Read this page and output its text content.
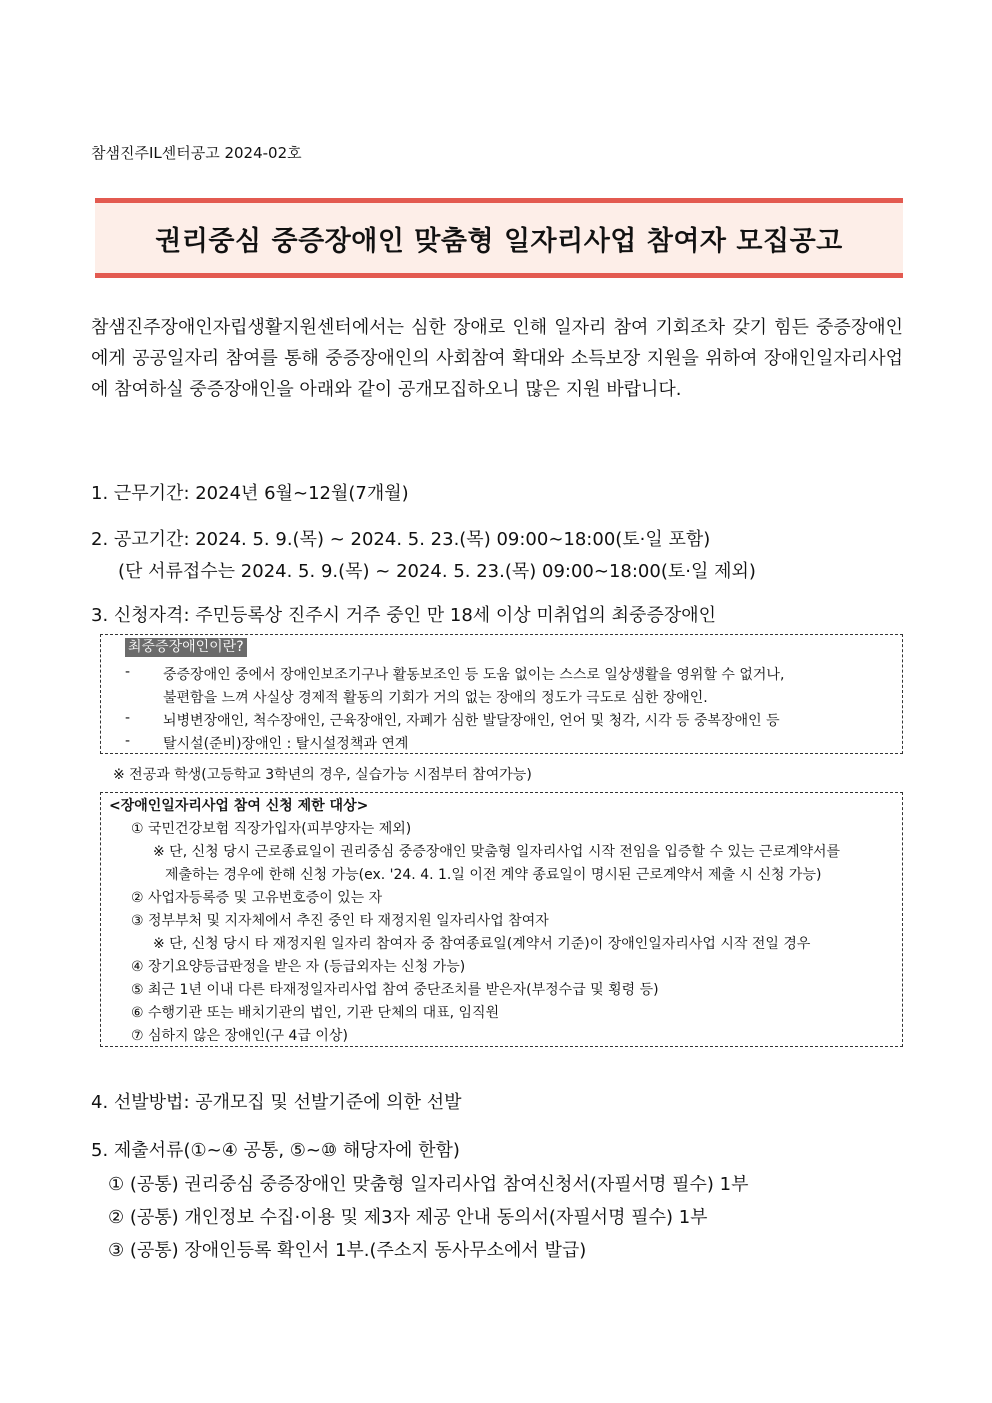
참샘진주IL센터공고 2024-02호
권리중심 중증장애인 맞춤형 일자리사업 참여자 모집공고
참샘진주장애인자립생활지원센터에서는 심한 장애로 인해 일자리 참여 기회조차 갖기 힘든 중증장애인에게 공공일자리 참여를 통해 중증장애인의 사회참여 확대와 소득보장 지원을 위하여 장애인일자리사업에 참여하실 중증장애인을 아래와 같이 공개모집하오니 많은 지원 바랍니다.
1. 근무기간: 2024년 6월∼12월(7개월)
2. 공고기간: 2024. 5. 9.(목) ~ 2024. 5. 23.(목) 09:00∼18:00(토·일 포함)
(단 서류접수는 2024. 5. 9.(목) ~ 2024. 5. 23.(목) 09:00∼18:00(토·일 제외)
3. 신청자격: 주민등록상 진주시 거주 중인 만 18세 이상 미취업의 최중증장애인
최중증장애인이란?
- 중증장애인 중에서 장애인보조기구나 활동보조인 등 도움 없이는 스스로 일상생활을 영위할 수 없거나,
불편함을 느껴 사실상 경제적 활동의 기회가 거의 없는 장애의 정도가 극도로 심한 장애인.
- 뇌병변장애인, 척수장애인, 근육장애인, 자폐가 심한 발달장애인, 언어 및 청각, 시각 등 중복장애인 등
- 탈시설(준비)장애인 : 탈시설정책과 연계
※ 전공과 학생(고등학교 3학년의 경우, 실습가능 시점부터 참여가능)
<장애인일자리사업 참여 신청 제한 대상>
① 국민건강보험 직장가입자(피부양자는 제외)
※ 단, 신청 당시 근로종료일이 권리중심 중증장애인 맞춤형 일자리사업 시작 전임을 입증할 수 있는 근로계약서를
제출하는 경우에 한해 신청 가능(ex. '24. 4. 1.일 이전 계약 종료일이 명시된 근로계약서 제출 시 신청 가능)
② 사업자등록증 및 고유번호증이 있는 자
③ 정부부처 및 지자체에서 추진 중인 타 재정지원 일자리사업 참여자
※ 단, 신청 당시 타 재정지원 일자리 참여자 중 참여종료일(계약서 기준)이 장애인일자리사업 시작 전일 경우
④ 장기요양등급판정을 받은 자 (등급외자는 신청 가능)
⑤ 최근 1년 이내 다른 타재정일자리사업 참여 중단조치를 받은자(부정수급 및 횡령 등)
⑥ 수행기관 또는 배치기관의 법인, 기관 단체의 대표, 임직원
⑦ 심하지 않은 장애인(구 4급 이상)
4. 선발방법: 공개모집 및 선발기준에 의한 선발
5. 제출서류(①~④ 공통, ⑤~⑩ 해당자에 한함)
① (공통) 권리중심 중증장애인 맞춤형 일자리사업 참여신청서(자필서명 필수) 1부
② (공통) 개인정보 수집·이용 및 제3자 제공 안내 동의서(자필서명 필수) 1부
③ (공통) 장애인등록 확인서 1부.(주소지 동사무소에서 발급)
